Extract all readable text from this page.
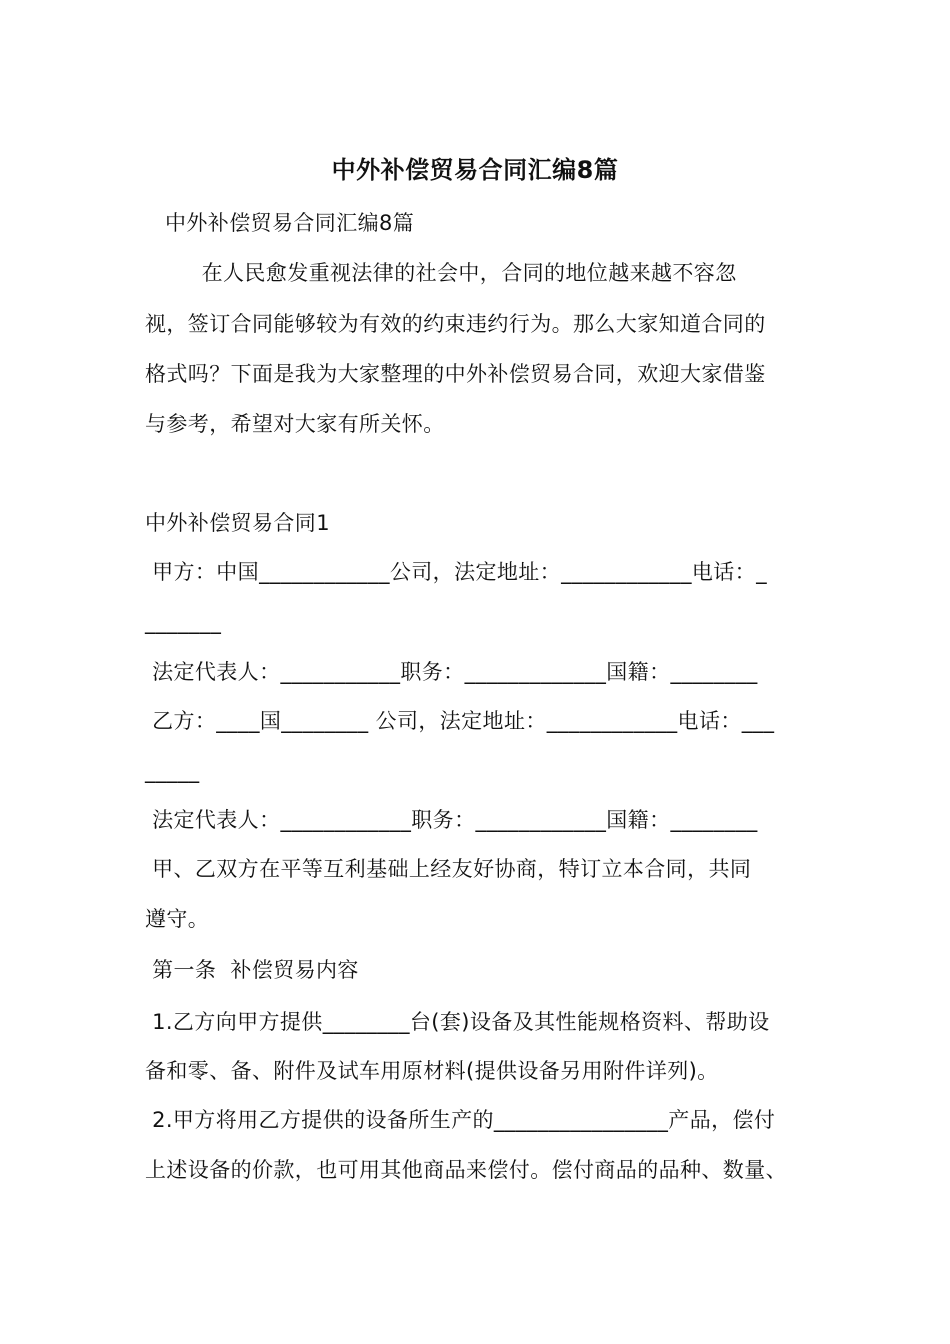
中外补偿贸易合同汇编8篇
中外补偿贸易合同汇编8篇
在人民愈发重视法律的社会中，合同的地位越来越不容忽
视，签订合同能够较为有效的约束违约行为。那么大家知道合同的
格式吗？下面是我为大家整理的中外补偿贸易合同，欢迎大家借鉴
与参考，希望对大家有所关怀。
中外补偿贸易合同1
甲方：中国____________公司，法定地址：____________电话：_
_______
法定代表人：___________职务：_____________国籍：________
乙方：____国________ 公司，法定地址：____________电话：___
_____
法定代表人：____________职务：____________国籍：________
甲、乙双方在平等互利基础上经友好协商，特订立本合同，共同
遵守。
第一条  补偿贸易内容
1.乙方向甲方提供________台(套)设备及其性能规格资料、帮助设
备和零、备、附件及试车用原材料(提供设备另用附件详列)。
2.甲方将用乙方提供的设备所生产的________________产品，偿付
上述设备的价款，也可用其他商品来偿付。偿付商品的品种、数量、
